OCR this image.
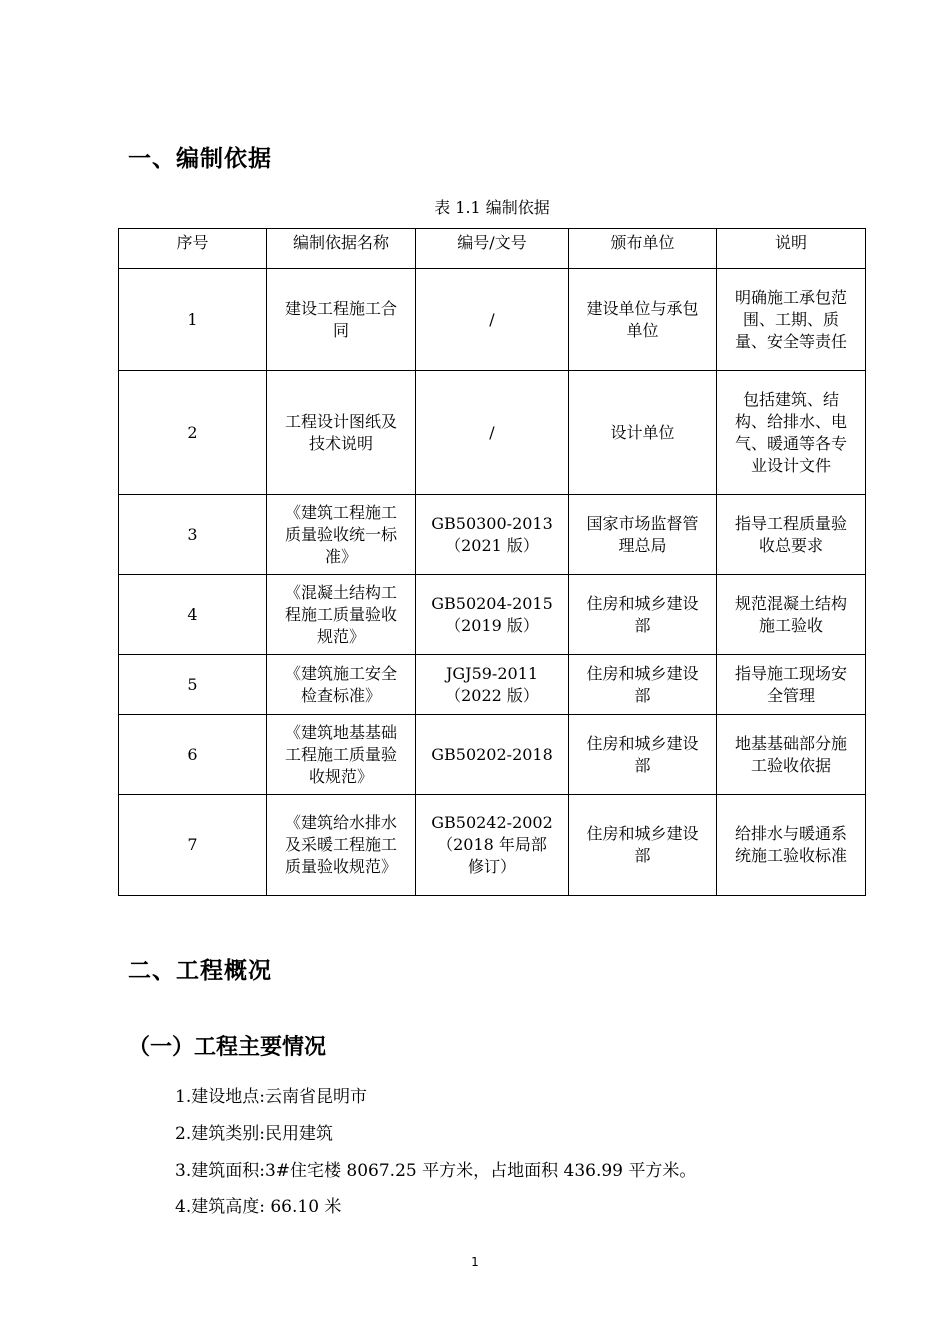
一、编制依据
表 1.1 编制依据
序号	编制依据名称	编号/文号	颁布单位	说明
1	建设工程施工合同	/	建设单位与承包单位	明确施工承包范围、工期、质量、安全等责任
2	工程设计图纸及技术说明	/	设计单位	包括建筑、结构、给排水、电气、暖通等各专业设计文件
3	《建筑工程施工质量验收统一标准》	GB50300-2013（2021 版）	国家市场监督管理总局	指导工程质量验收总要求
4	《混凝土结构工程施工质量验收规范》	GB50204-2015（2019 版）	住房和城乡建设部	规范混凝土结构施工验收
5	《建筑施工安全检查标准》	JGJ59-2011（2022 版）	住房和城乡建设部	指导施工现场安全管理
6	《建筑地基基础工程施工质量验收规范》	GB50202-2018	住房和城乡建设部	地基基础部分施工验收依据
7	《建筑给水排水及采暖工程施工质量验收规范》	GB50242-2002（2018 年局部修订）	住房和城乡建设部	给排水与暖通系统施工验收标准
二、工程概况
（一）工程主要情况

1.建设地点:云南省昆明市

2.建筑类别:民用建筑

3.建筑面积:3#住宅楼 8067.25 平方米，占地面积 436.99 平方米。

4.建筑高度: 66.10 米

1
